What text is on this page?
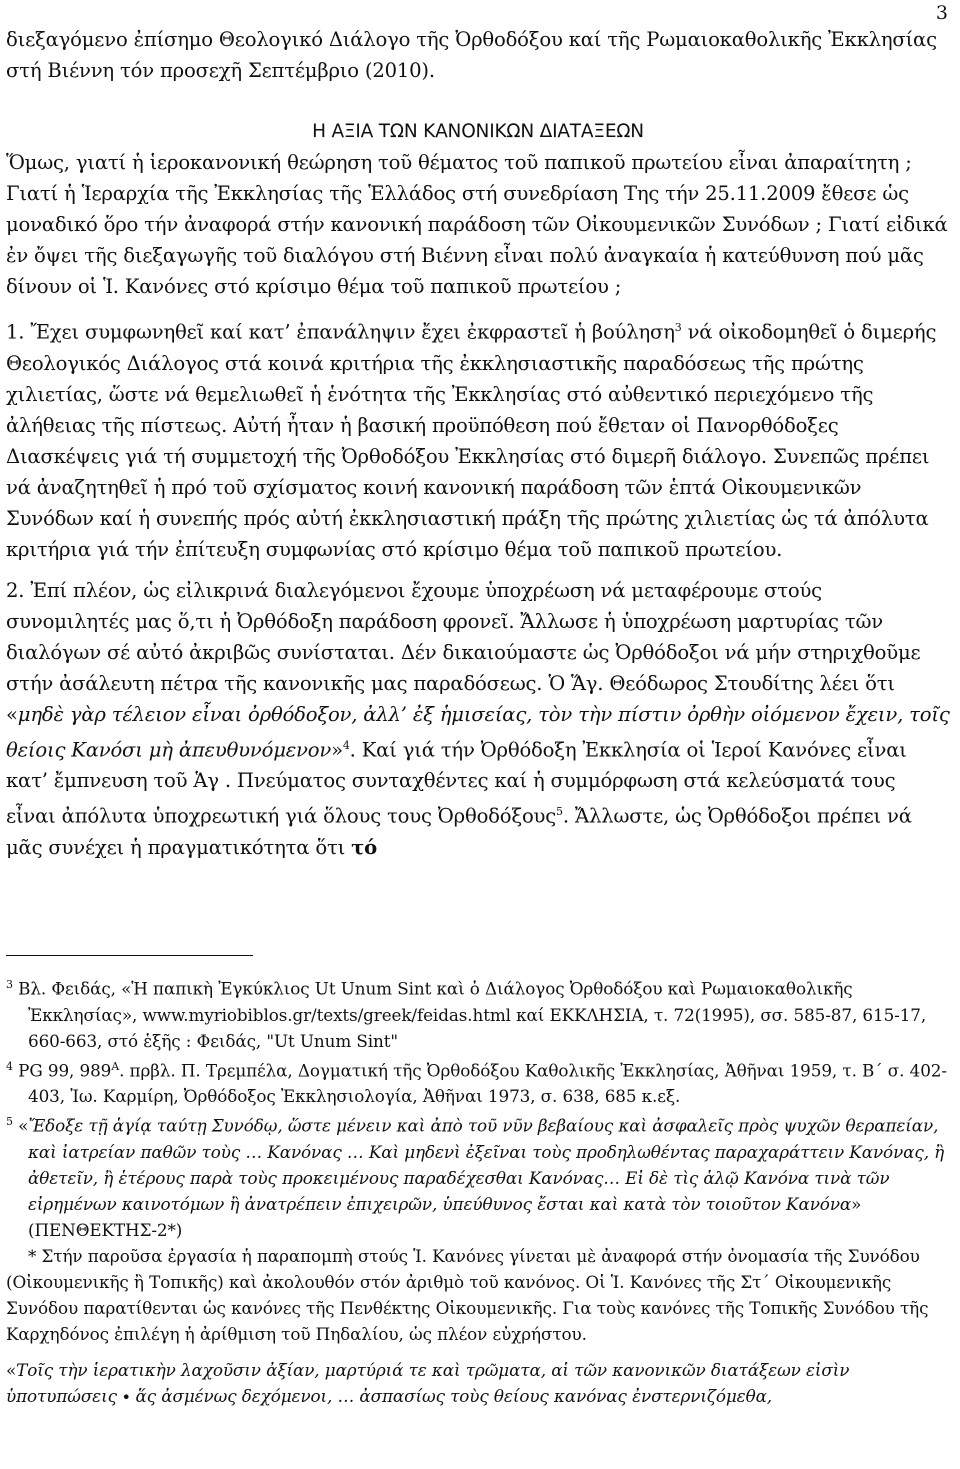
3

διεξαγόμενο ἐπίσημο Θεολογικό Διάλογο τῆς Ὀρθοδόξου καί τῆς Ρωμαιοκαθολικῆς Ἐκκλησίας στή Βιέννη τόν προσεχῆ Σεπτέμβριο (2010).

Η ΑΞΙΑ ΤΩΝ ΚΑΝΟΝΙΚΩΝ ΔΙΑΤΑΞΕΩΝ

Ὅμως, γιατί ἡ ἱεροκανονική θεώρηση τοῦ θέματος τοῦ παπικοῦ πρωτείου εἶναι ἀπαραίτητη ; Γιατί ἡ Ἱεραρχία τῆς Ἐκκλησίας τῆς Ἑλλάδος στή συνεδρίαση Της τήν 25.11.2009 ἔθεσε ὡς μοναδικό ὅρο τήν ἀναφορά στήν κανονική παράδοση τῶν Οἰκουμενικῶν Συνόδων ; Γιατί εἰδικά ἐν ὄψει τῆς διεξαγωγῆς τοῦ διαλόγου στή Βιέννη εἶναι πολύ ἀναγκαία ἡ κατεύθυνση πού μᾶς δίνουν οἱ Ἱ. Κανόνες στό κρίσιμο θέμα τοῦ παπικοῦ πρωτείου ;

1. Ἔχει συμφωνηθεῖ καί κατ’ ἐπανάληψιν ἔχει ἐκφραστεῖ ἡ βούληση$^3$ νά οἰκοδομηθεῖ ὁ διμερής Θεολογικός Διάλογος στά κοινά κριτήρια τῆς ἐκκλησιαστικῆς παραδόσεως τῆς πρώτης χιλιετίας, ὥστε νά θεμελιωθεῖ ἡ ἑνότητα τῆς Ἐκκλησίας στό αὐθεντικό περιεχόμενο τῆς ἀλήθειας τῆς πίστεως. Αὐτή ἦταν ἡ βασική προϋπόθεση πού ἔθεταν οἱ Πανορθόδοξες Διασκέψεις γιά τή συμμετοχή τῆς Ὀρθοδόξου Ἐκκλησίας στό διμερῆ διάλογο. Συνεπῶς πρέπει νά ἀναζητηθεῖ ἡ πρό τοῦ σχίσματος κοινή κανονική παράδοση τῶν ἑπτά Οἰκουμενικῶν Συνόδων καί ἡ συνεπής πρός αὐτή ἐκκλησιαστική πράξη τῆς πρώτης χιλιετίας ὡς τά ἀπόλυτα κριτήρια γιά τήν ἐπίτευξη συμφωνίας στό κρίσιμο θέμα τοῦ παπικοῦ πρωτείου.

2. Ἐπί πλέον, ὡς εἰλικρινά διαλεγόμενοι ἔχουμε ὑποχρέωση νά μεταφέρουμε στούς συνομιλητές μας ὅ,τι ἡ Ὀρθόδοξη παράδοση φρονεῖ. Ἄλλωσε ἡ ὑποχρέωση μαρτυρίας τῶν διαλόγων σέ αὐτό ἀκριβῶς συνίσταται. Δέν δικαιούμαστε ὡς Ὀρθόδοξοι νά μήν στηριχθοῦμε στήν ἀσάλευτη πέτρα τῆς κανονικῆς μας παραδόσεως. Ὁ Ἅγ. Θεόδωρος Στουδίτης λέει ὅτι «μηδὲ γὰρ τέλειον εἶναι ὀρθόδοξον, ἀλλ’ ἐξ ἡμισείας, τὸν τὴν πίστιν ὀρθὴν οἰόμενον ἔχειν, τοῖς θείοις Κανόσι μὴ ἀπευθυνόμενον»$^4$. Καί γιά τήν Ὀρθόδοξη Ἐκκλησία οἱ Ἱεροί Κανόνες εἶναι κατ’ ἔμπνευση τοῦ Ἁγ . Πνεύματος συνταχθέντες καί ἡ συμμόρφωση στά κελεύσματά τους εἶναι ἀπόλυτα ὑποχρεωτική γιά ὅλους τους Ὀρθοδόξους$^5$. Ἄλλωστε, ὡς Ὀρθόδοξοι πρέπει νά μᾶς συνέχει ἡ πραγματικότητα ὅτι τό

$^3$ Βλ. Φειδάς, «Ἡ παπικὴ Ἐγκύκλιος Ut Unum Sint καὶ ὁ Διάλογος Ὀρθοδόξου καὶ Ρωμαιοκαθολικῆς Ἐκκλησίας», www.myriobiblos.gr/texts/greek/feidas.html καί ΕΚΚΛΗΣΙΑ, τ. 72(1995), σσ. 585-87, 615-17, 660-663, στό ἑξῆς : Φειδάς, "Ut Unum Sint"

$^4$ PG 99, $989^A$. πρβλ. Π. Τρεμπέλα, Δογματική τῆς Ὀρθοδόξου Καθολικῆς Ἐκκλησίας, Ἀθῆναι 1959, τ. Β΄ σ. 402-403, Ἰω. Καρμίρη, Ὀρθόδοξος Ἐκκλησιολογία, Ἀθῆναι 1973, σ. 638, 685 κ.εξ.

$^5$ «Ἔδοξε τῇ ἁγίᾳ ταύτῃ Συνόδῳ, ὥστε μένειν καὶ ἀπὸ τοῦ νῦν βεβαίους καὶ ἀσφαλεῖς πρὸς ψυχῶν θεραπείαν, καὶ ἰατρείαν παθῶν τοὺς … Κανόνας … Καὶ μηδενὶ ἐξεῖναι τοὺς προδηλωθέντας παραχαράττειν Κανόνας, ἢ ἀθετεῖν, ἢ ἑτέρους παρὰ τοὺς προκειμένους παραδέχεσθαι Κανόνας… Εἰ δὲ τὶς ἁλῷ Κανόνα τινὰ τῶν εἰρημένων καινοτόμων ἢ ἀνατρέπειν ἐπιχειρῶν, ὑπεύθυνος ἔσται καὶ κατὰ τὸν τοιοῦτον Κανόνα» (ΠΕΝΘΕΚΤΗΣ-2*)

* Στήν παροῦσα ἐργασία ἡ παραπομπὴ στούς Ἱ. Κανόνες γίνεται μὲ ἀναφορά στήν ὀνομασία τῆς Συνόδου (Οἰκουμενικῆς ἢ Τοπικῆς) καὶ ἀκολουθόν στόν ἀριθμὸ τοῦ κανόνος. Οἱ Ἱ. Κανόνες τῆς Στ΄ Οἰκουμενικῆς Συνόδου παρατίθενται ὡς κανόνες τῆς Πενθέκτης Οἰκουμενικῆς. Για τοὺς κανόνες τῆς Τοπικῆς Συνόδου τῆς Καρχηδόνος ἐπιλέγη ἡ ἀρίθμιση τοῦ Πηδαλίου, ὡς πλέον εὐχρήστου.

«Τοῖς τὴν ἱερατικὴν λαχοῦσιν ἀξίαν, μαρτύριά τε καὶ τρῶματα, αἱ τῶν κανονικῶν διατάξεων εἰσὶν ὑποτυπώσεις ∙ ἅς ἀσμένως δεχόμενοι, … ἀσπασίως τοὺς θείους κανόνας ἐνστερνιζόμεθα,
